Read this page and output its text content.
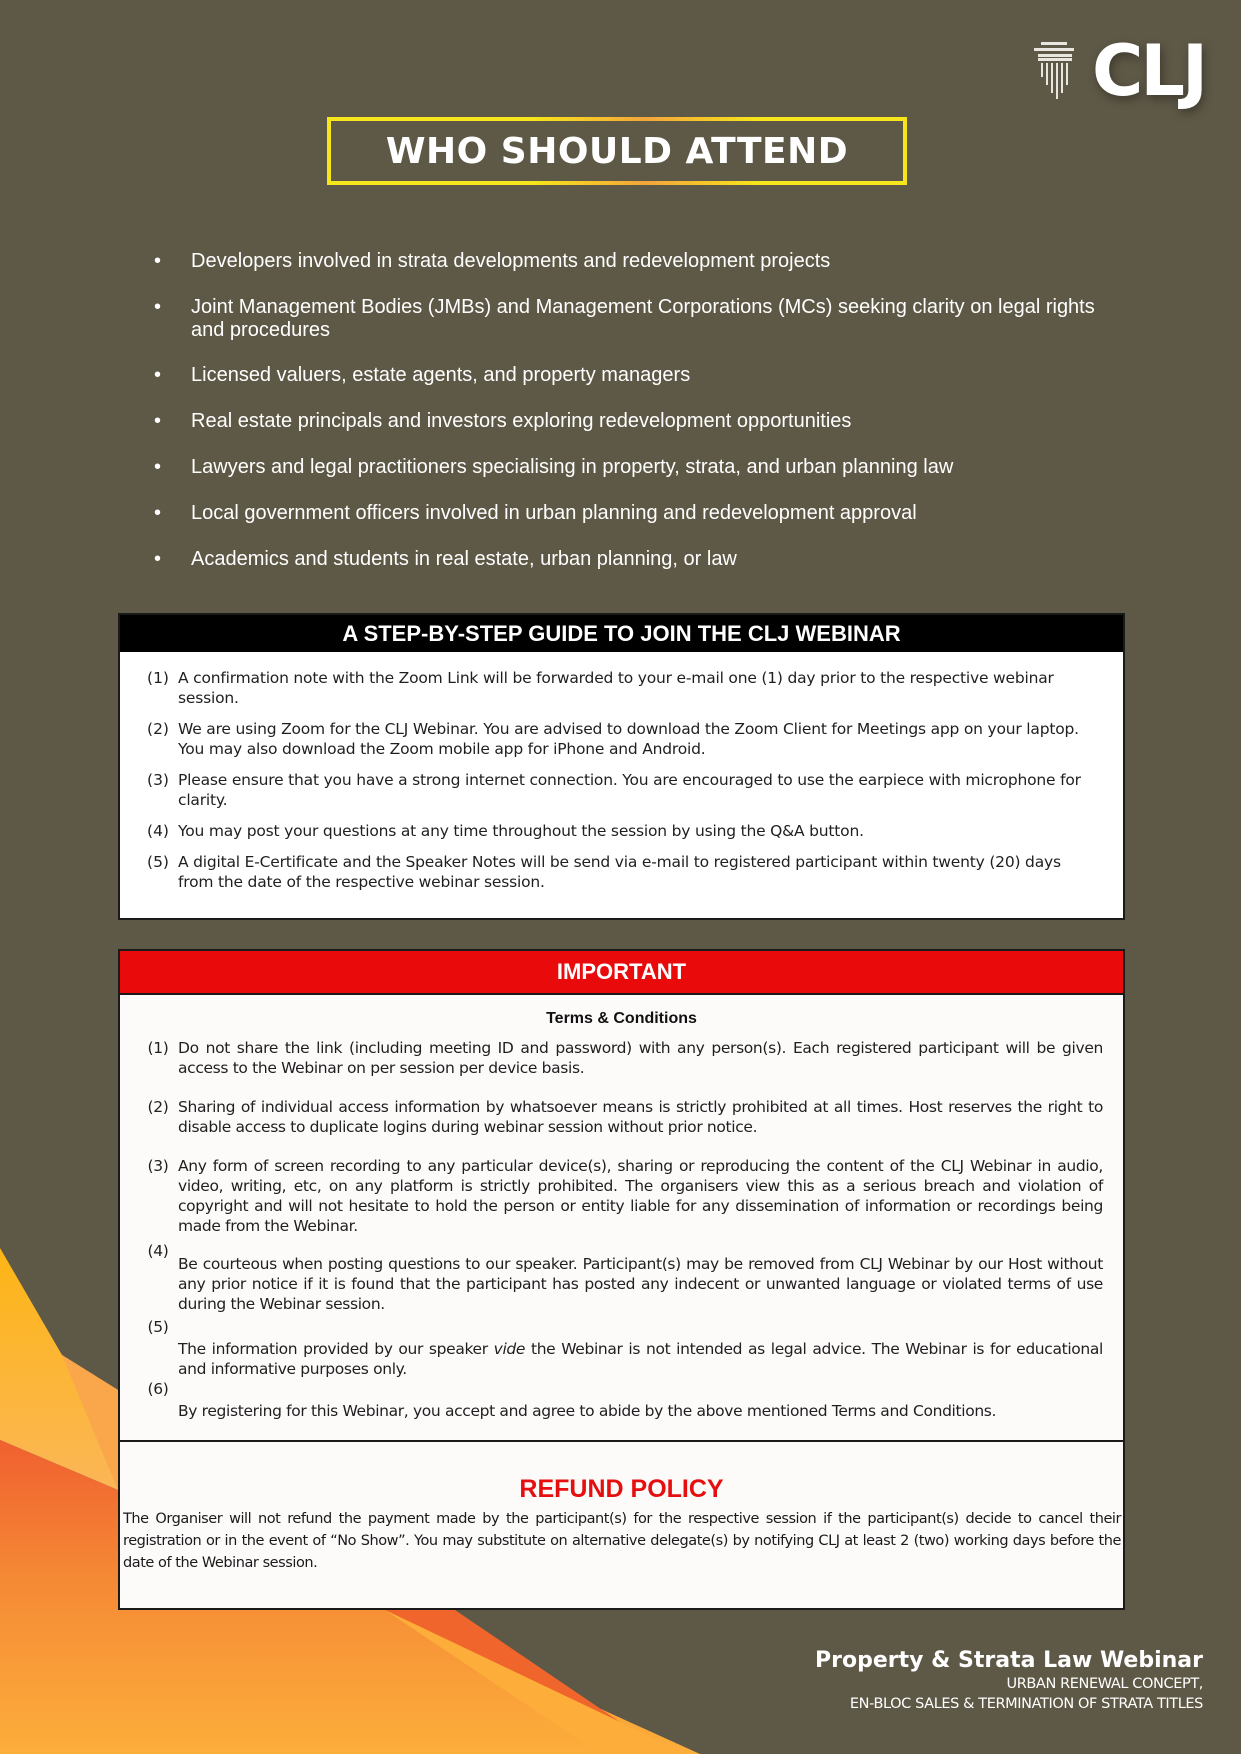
CLJ
WHO SHOULD ATTEND
•	Developers involved in strata developments and redevelopment projects
•	Joint Management Bodies (JMBs) and Management Corporations (MCs) seeking clarity on legal rights and procedures
•	Licensed valuers, estate agents, and property managers
•	Real estate principals and investors exploring redevelopment opportunities
•	Lawyers and legal practitioners specialising in property, strata, and urban planning law
•	Local government officers involved in urban planning and redevelopment approval
•	Academics and students in real estate, urban planning, or law
A STEP-BY-STEP GUIDE TO JOIN THE CLJ WEBINAR
(1) A confirmation note with the Zoom Link will be forwarded to your e-mail one (1) day prior to the respective webinar session.
(2) We are using Zoom for the CLJ Webinar. You are advised to download the Zoom Client for Meetings app on your laptop. You may also download the Zoom mobile app for iPhone and Android.
(3) Please ensure that you have a strong internet connection. You are encouraged to use the earpiece with microphone for clarity.
(4) You may post your questions at any time throughout the session by using the Q&A button.
(5) A digital E-Certificate and the Speaker Notes will be send via e-mail to registered participant within twenty (20) days from the date of the respective webinar session.
IMPORTANT
Terms & Conditions
(1) Do not share the link (including meeting ID and password) with any person(s). Each registered participant will be given access to the Webinar on per session per device basis.
(2) Sharing of individual access information by whatsoever means is strictly prohibited at all times. Host reserves the right to disable access to duplicate logins during webinar session without prior notice.
(3) Any form of screen recording to any particular device(s), sharing or reproducing the content of the CLJ Webinar in audio, video, writing, etc, on any platform is strictly prohibited. The organisers view this as a serious breach and violation of copyright and will not hesitate to hold the person or entity liable for any dissemination of information or recordings being made from the Webinar.
(4)
Be courteous when posting questions to our speaker. Participant(s) may be removed from CLJ Webinar by our Host without any prior notice if it is found that the participant has posted any indecent or unwanted language or violated terms of use during the Webinar session.
(5)
The information provided by our speaker vide the Webinar is not intended as legal advice. The Webinar is for educational and informative purposes only.
(6)
By registering for this Webinar, you accept and agree to abide by the above mentioned Terms and Conditions.
REFUND POLICY
The Organiser will not refund the payment made by the participant(s) for the respective session if the participant(s) decide to cancel their registration or in the event of “No Show”. You may substitute on alternative delegate(s) by notifying CLJ at least 2 (two) working days before the date of the Webinar session.
Property & Strata Law Webinar
URBAN RENEWAL CONCEPT,
EN-BLOC SALES & TERMINATION OF STRATA TITLES
